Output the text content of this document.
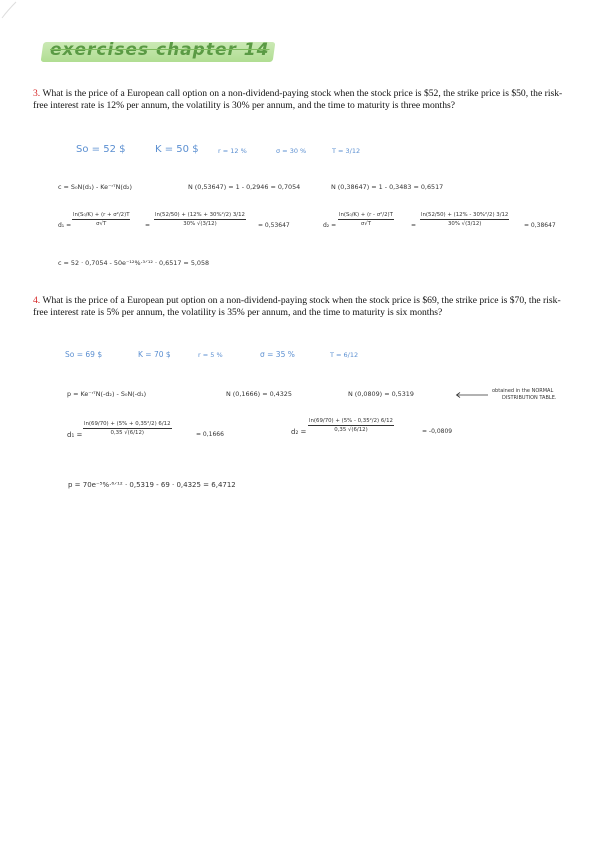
exercises chapter 14
3. What is the price of a European call option on a non-dividend-paying stock when the stock price is $52, the strike price is $50, the risk-free interest rate is 12% per annum, the volatility is 30% per annum, and the time to maturity is three months?
So = 52 $	K = 50 $	r = 12 %	σ = 30 %	T = 3/12
c = S₀N(d₁) - Ke⁻ʳᵀN(d₂)	N (0,53647) = 1 - 0,2946 = 0,7054	N (0,38647) = 1 - 0,3483 = 0,6517
$d_1 = \frac{\text{ln(S₀/K) + (r + σ²/2)T}}{\sigma√T} = \frac{\text{ln(52/50) + (12\% + 30\%²/2) 3/12}}{30\% √(3/12)} = 0,53647$	$d_2 = \frac{\text{ln(S₀/K) + (r - σ²/2)T}}{\sigma√T}$	= $\frac{\text{ln(52/50) + (12\% - 30\%²/2) 3/12}}{30\% √(3/12)} = 0,38647$
c = 52 · 0,7054 - 50e⁻¹²%·³ᐟ¹² · 0,6517 = 5,058
4. What is the price of a European put option on a non-dividend-paying stock when the stock price is $69, the strike price is $70, the risk-free interest rate is 5% per annum, the volatility is 35% per annum, and the time to maturity is six months?
So = 69 $	K = 70 $	r = 5 %	σ = 35 %	T = 6/12
p = Ke⁻ʳᵀN(-d₂) - S₀N(-d₁)	N (0,1666) = 0,4325	N (0,0809) = 0,5319	obtained in the NORMAL
DISTRIBUTION TABLE.
$d_1 = \frac{\text{ln(69/70) + (5\% + 0,35²/2) 6/12}}{0,35 √(6/12)}$	= 0,1666	$d_2 = \frac{\text{ln(69/70) + (5\% - 0,35²/2) 6/12}}{0,35 √(6/12)}$	= -0,0809
p = 70e⁻⁵%·⁶ᐟ¹² · 0,5319 - 69 · 0,4325 = 6,4712
